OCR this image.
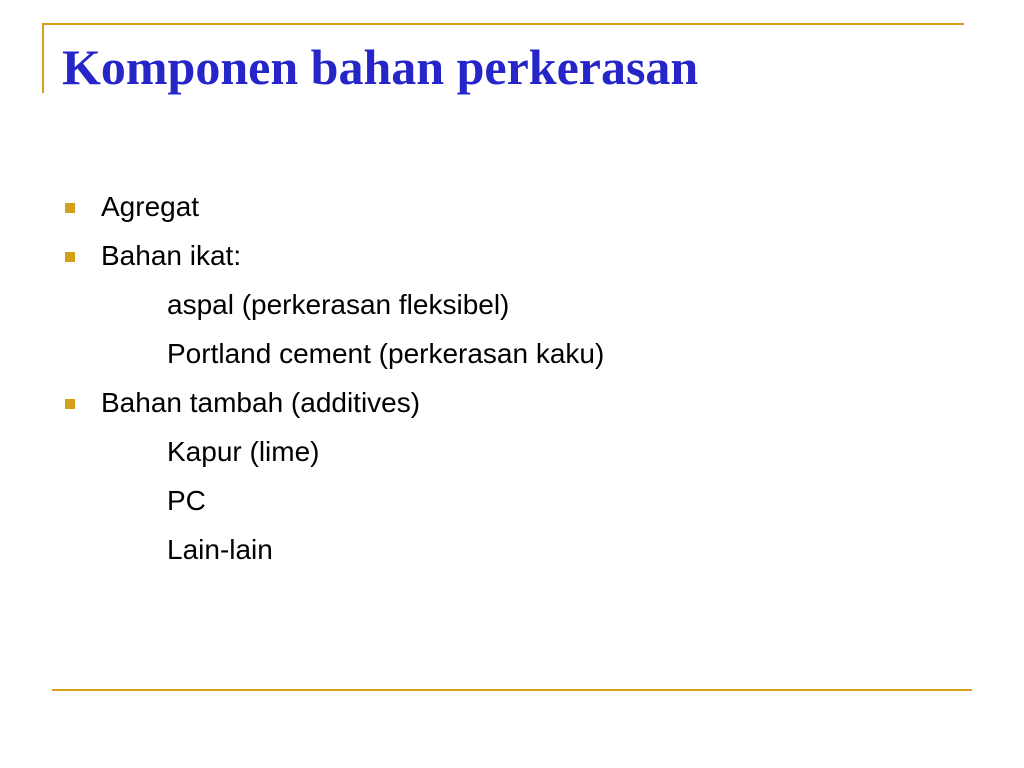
Komponen bahan perkerasan
Agregat
Bahan ikat:
aspal (perkerasan fleksibel)
Portland cement (perkerasan kaku)
Bahan tambah (additives)
Kapur (lime)
PC
Lain-lain
